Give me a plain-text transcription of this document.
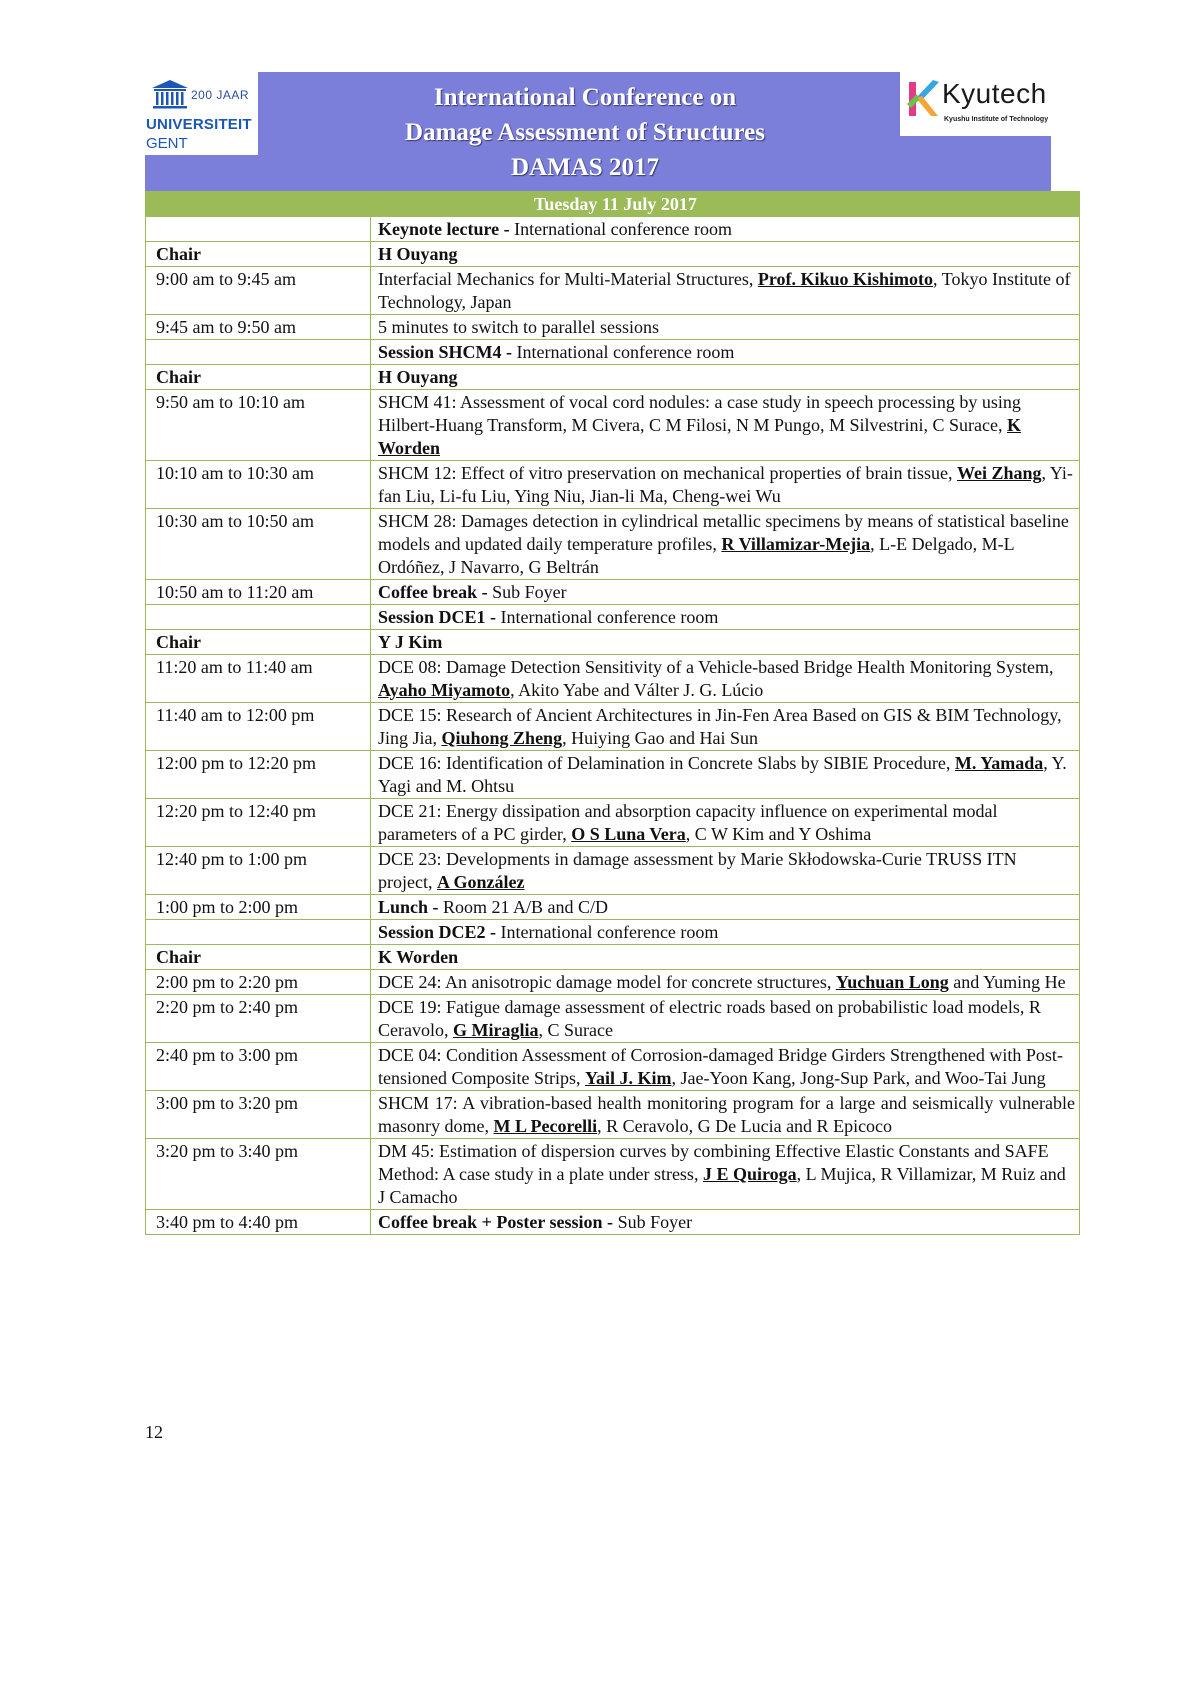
200 JAAR
UNIVERSITEIT
GENT
International Conference on
Damage Assessment of Structures
DAMAS 2017
Kyutech
Kyushu Institute of Technology
Tuesday 11 July 2017	
	Keynote lecture - International conference room
Chair	H Ouyang
9:00 am to 9:45 am	Interfacial Mechanics for Multi-Material Structures, Prof. Kikuo Kishimoto, Tokyo Institute of Technology, Japan
9:45 am to 9:50 am	5 minutes to switch to parallel sessions
	Session SHCM4 - International conference room
Chair	H Ouyang
9:50 am to 10:10 am	SHCM 41: Assessment of vocal cord nodules: a case study in speech processing by using Hilbert-Huang Transform, M Civera, C M Filosi, N M Pungo, M Silvestrini, C Surace, K Worden
10:10 am to 10:30 am	SHCM 12: Effect of vitro preservation on mechanical properties of brain tissue, Wei Zhang, Yi-fan Liu, Li-fu Liu, Ying Niu, Jian-li Ma, Cheng-wei Wu
10:30 am to 10:50 am	SHCM 28: Damages detection in cylindrical metallic specimens by means of statistical baseline models and updated daily temperature profiles, R Villamizar-Mejia, L-E Delgado, M-L Ordóñez, J Navarro, G Beltrán
10:50 am to 11:20 am	Coffee break - Sub Foyer
	Session DCE1 - International conference room
Chair	Y J Kim
11:20 am to 11:40 am	DCE 08: Damage Detection Sensitivity of a Vehicle-based Bridge Health Monitoring System, Ayaho Miyamoto, Akito Yabe and Válter J. G. Lúcio
11:40 am to 12:00 pm	DCE 15: Research of Ancient Architectures in Jin-Fen Area Based on GIS & BIM Technology, Jing Jia, Qiuhong Zheng, Huiying Gao and Hai Sun
12:00 pm to 12:20 pm	DCE 16: Identification of Delamination in Concrete Slabs by SIBIE Procedure, M. Yamada, Y. Yagi and M. Ohtsu
12:20 pm to 12:40 pm	DCE 21: Energy dissipation and absorption capacity influence on experimental modal parameters of a PC girder, O S Luna Vera, C W Kim and Y Oshima
12:40 pm to 1:00 pm	DCE 23: Developments in damage assessment by Marie Skłodowska-Curie TRUSS ITN project, A González
1:00 pm to 2:00 pm	Lunch - Room 21 A/B and C/D
	Session DCE2 - International conference room
Chair	K Worden
2:00 pm to 2:20 pm	DCE 24: An anisotropic damage model for concrete structures, Yuchuan Long and Yuming He
2:20 pm to 2:40 pm	DCE 19: Fatigue damage assessment of electric roads based on probabilistic load models, R Ceravolo, G Miraglia, C Surace
2:40 pm to 3:00 pm	DCE 04: Condition Assessment of Corrosion-damaged Bridge Girders Strengthened with Post-tensioned Composite Strips, Yail J. Kim, Jae-Yoon Kang, Jong-Sup Park, and Woo-Tai Jung
3:00 pm to 3:20 pm	SHCM 17: A vibration-based health monitoring program for a large and seismically vulnerable masonry dome, M L Pecorelli, R Ceravolo, G De Lucia and R Epicoco
3:20 pm to 3:40 pm	DM 45: Estimation of dispersion curves by combining Effective Elastic Constants and SAFE Method: A case study in a plate under stress, J E Quiroga, L Mujica, R Villamizar, M Ruiz and J Camacho
3:40 pm to 4:40 pm	Coffee break + Poster session - Sub Foyer
12
